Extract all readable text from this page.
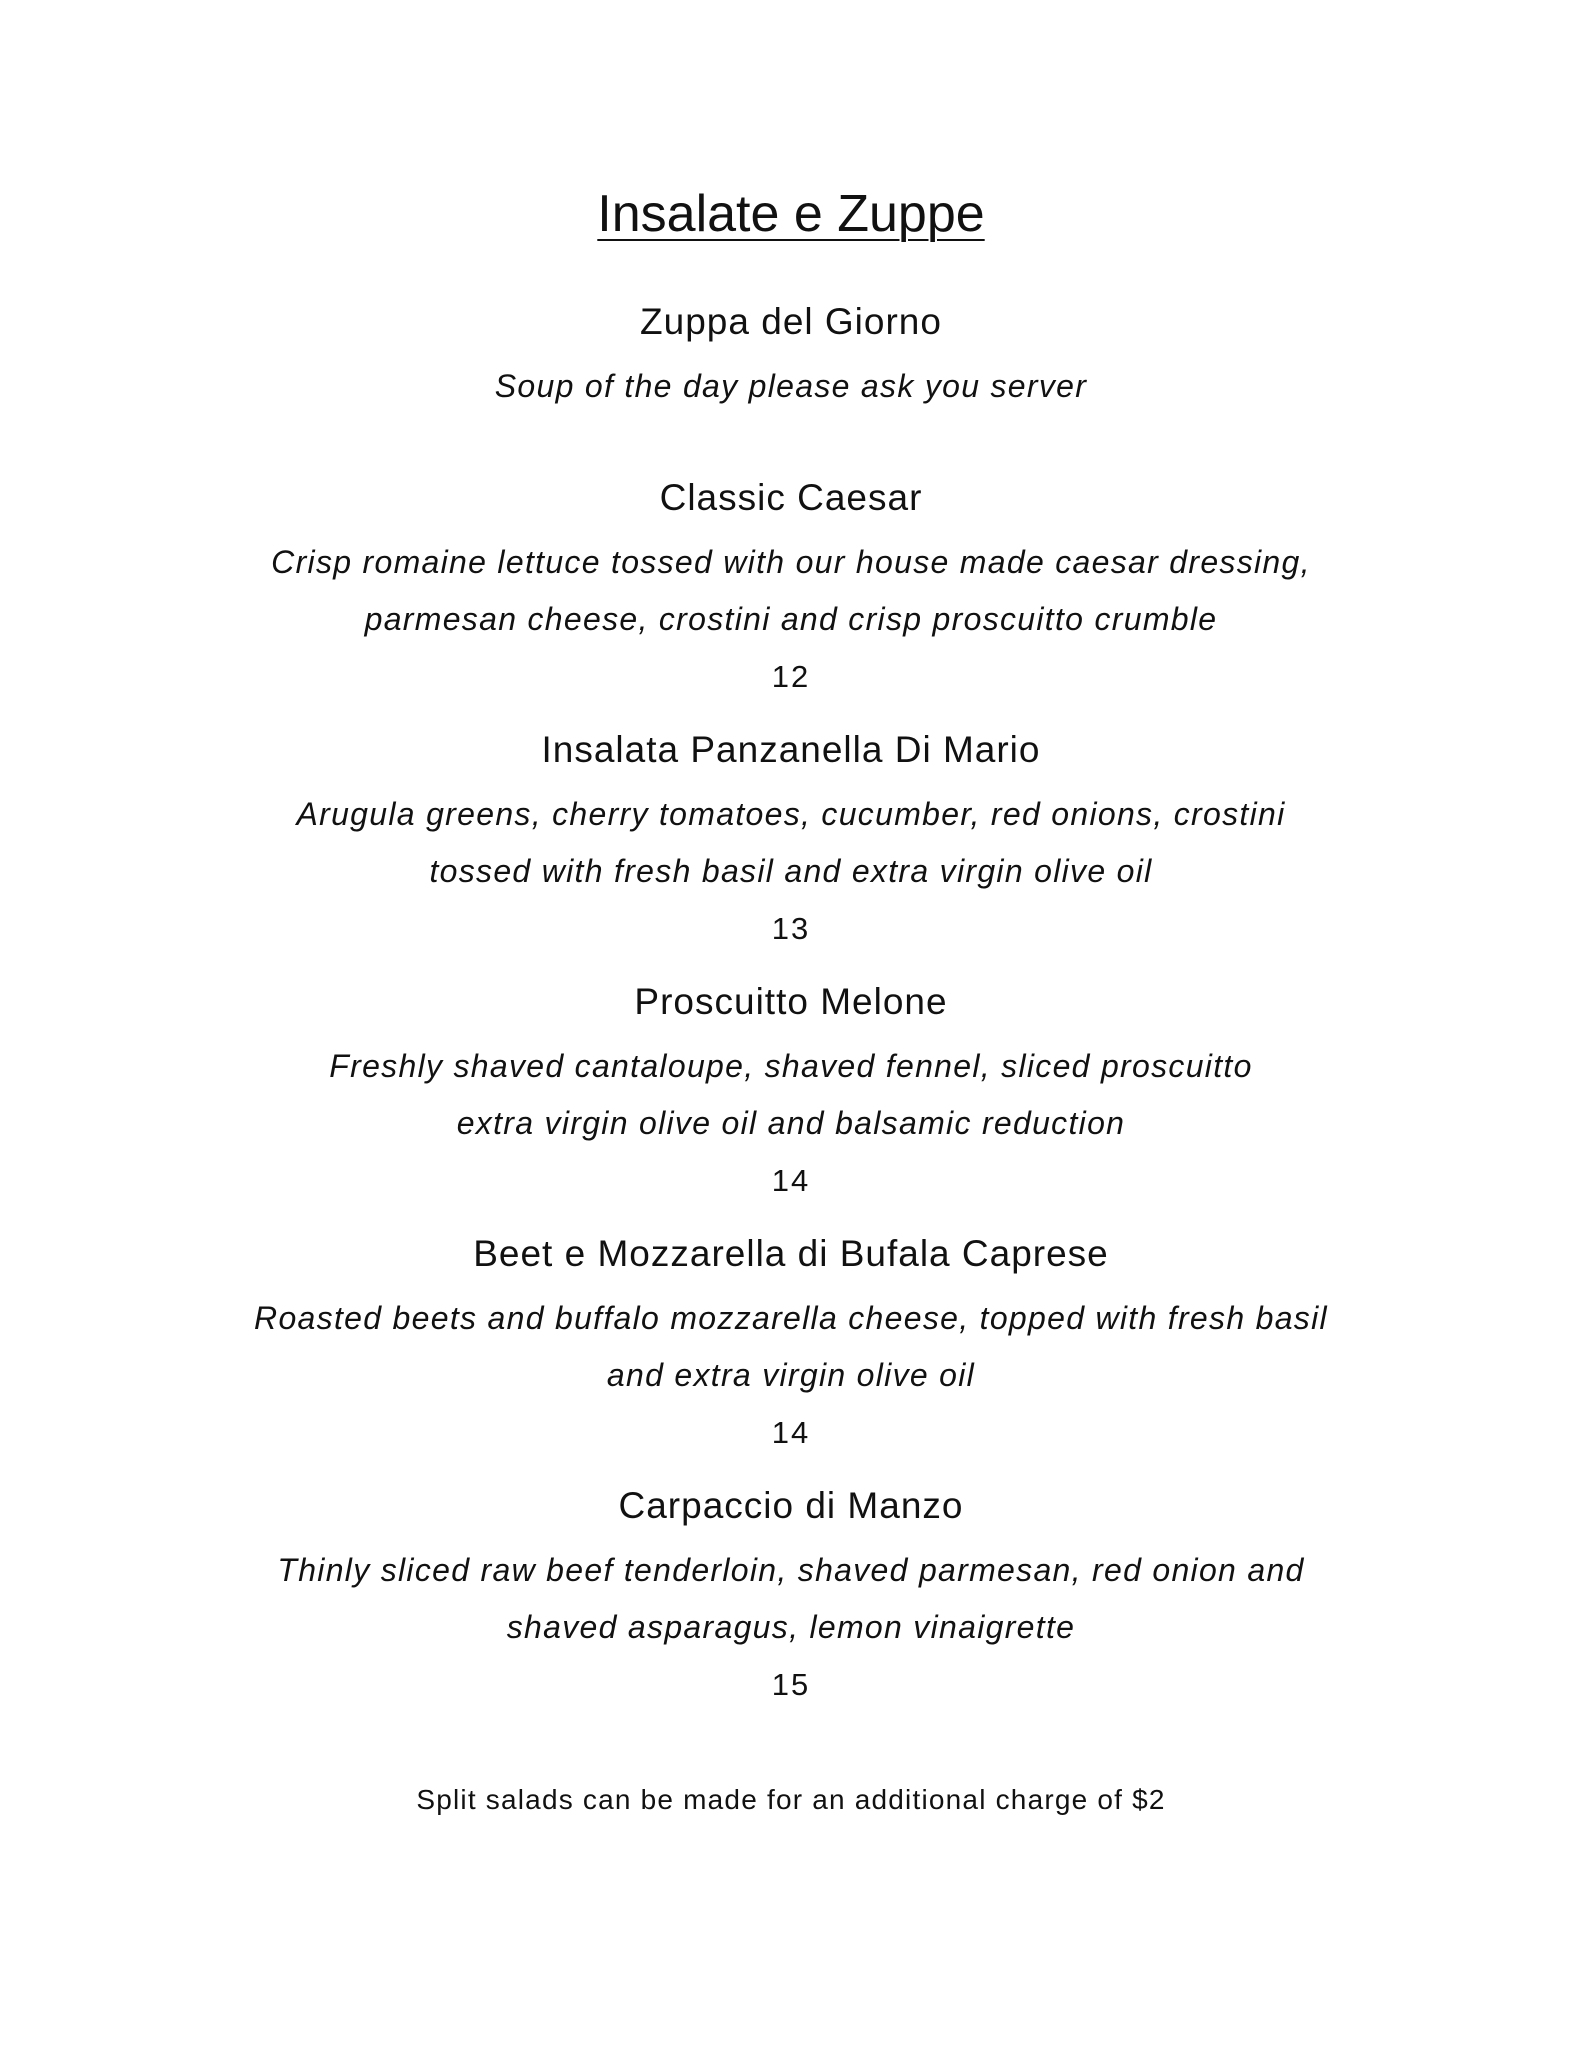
Insalate e Zuppe
Zuppa del Giorno
Soup of the day please ask you server
Classic Caesar
Crisp romaine lettuce tossed with our house made caesar dressing,
parmesan cheese, crostini and crisp proscuitto crumble
12
Insalata Panzanella Di Mario
Arugula greens, cherry tomatoes, cucumber, red onions, crostini
tossed with fresh basil and extra virgin olive oil
13
Proscuitto Melone
Freshly shaved cantaloupe, shaved fennel, sliced proscuitto
extra virgin olive oil and balsamic reduction
14
Beet e Mozzarella di Bufala Caprese
Roasted beets and buffalo mozzarella cheese, topped with fresh basil
and extra virgin olive oil
14
Carpaccio di Manzo
Thinly sliced raw beef tenderloin, shaved parmesan, red onion and
shaved asparagus, lemon vinaigrette
15
Split salads can be made for an additional charge of $2
